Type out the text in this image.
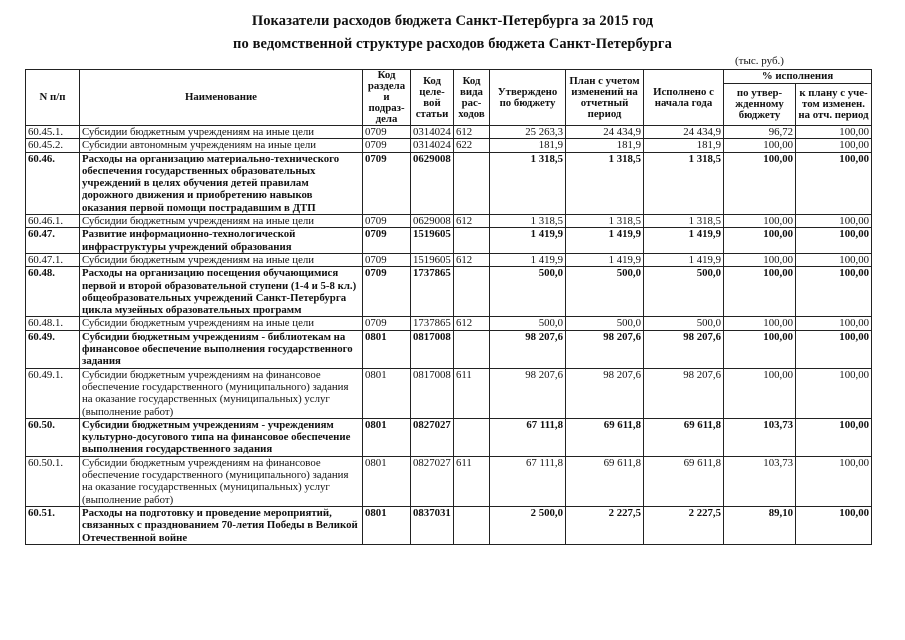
Показатели расходов бюджета Санкт-Петербурга за 2015 год
по ведомственной структуре расходов бюджета Санкт-Петербурга
(тыс. руб.)
N п/п	Наименование	Код раздела и подраз-дела	Код целе-вой статьи	Код вида рас-ходов	Утверждено по бюджету	План с учетом изменений на отчетный период	Исполнено с начала года	% исполнения	
								по утвер-жденному бюджету	к плану с уче-том изменен. на отч. период
60.45.1.	Субсидии бюджетным учреждениям на иные цели	0709	0314024	612	25 263,3	24 434,9	24 434,9	96,72	100,00
60.45.2.	Субсидии автономным учреждениям на иные цели	0709	0314024	622	181,9	181,9	181,9	100,00	100,00
60.46.	Расходы на организацию материально-технического обеспечения государственных образовательных учреждений в целях обучения детей правилам дорожного движения и приобретению навыков оказания первой помощи пострадавшим в ДТП	0709	0629008		1 318,5	1 318,5	1 318,5	100,00	100,00
60.46.1.	Субсидии бюджетным учреждениям на иные цели	0709	0629008	612	1 318,5	1 318,5	1 318,5	100,00	100,00
60.47.	Развитие информационно-технологической инфраструктуры учреждений образования	0709	1519605		1 419,9	1 419,9	1 419,9	100,00	100,00
60.47.1.	Субсидии бюджетным учреждениям на иные цели	0709	1519605	612	1 419,9	1 419,9	1 419,9	100,00	100,00
60.48.	Расходы на организацию посещения обучающимися первой и второй образовательной ступени (1-4 и 5-8 кл.) общеобразовательных учреждений Санкт-Петербурга цикла музейных образовательных программ	0709	1737865		500,0	500,0	500,0	100,00	100,00
60.48.1.	Субсидии бюджетным учреждениям на иные цели	0709	1737865	612	500,0	500,0	500,0	100,00	100,00
60.49.	Субсидии бюджетным учреждениям - библиотекам на финансовое обеспечение выполнения государственного задания	0801	0817008		98 207,6	98 207,6	98 207,6	100,00	100,00
60.49.1.	Субсидии бюджетным учреждениям на финансовое обеспечение государственного (муниципального) задания на оказание государственных (муниципальных) услуг (выполнение работ)	0801	0817008	611	98 207,6	98 207,6	98 207,6	100,00	100,00
60.50.	Субсидии бюджетным учреждениям - учреждениям культурно-досугового типа на финансовое обеспечение выполнения государственного задания	0801	0827027		67 111,8	69 611,8	69 611,8	103,73	100,00
60.50.1.	Субсидии бюджетным учреждениям на финансовое обеспечение государственного (муниципального) задания на оказание государственных (муниципальных) услуг (выполнение работ)	0801	0827027	611	67 111,8	69 611,8	69 611,8	103,73	100,00
60.51.	Расходы на подготовку и проведение мероприятий, связанных с празднованием 70-летия Победы в Великой Отечественной войне	0801	0837031		2 500,0	2 227,5	2 227,5	89,10	100,00
